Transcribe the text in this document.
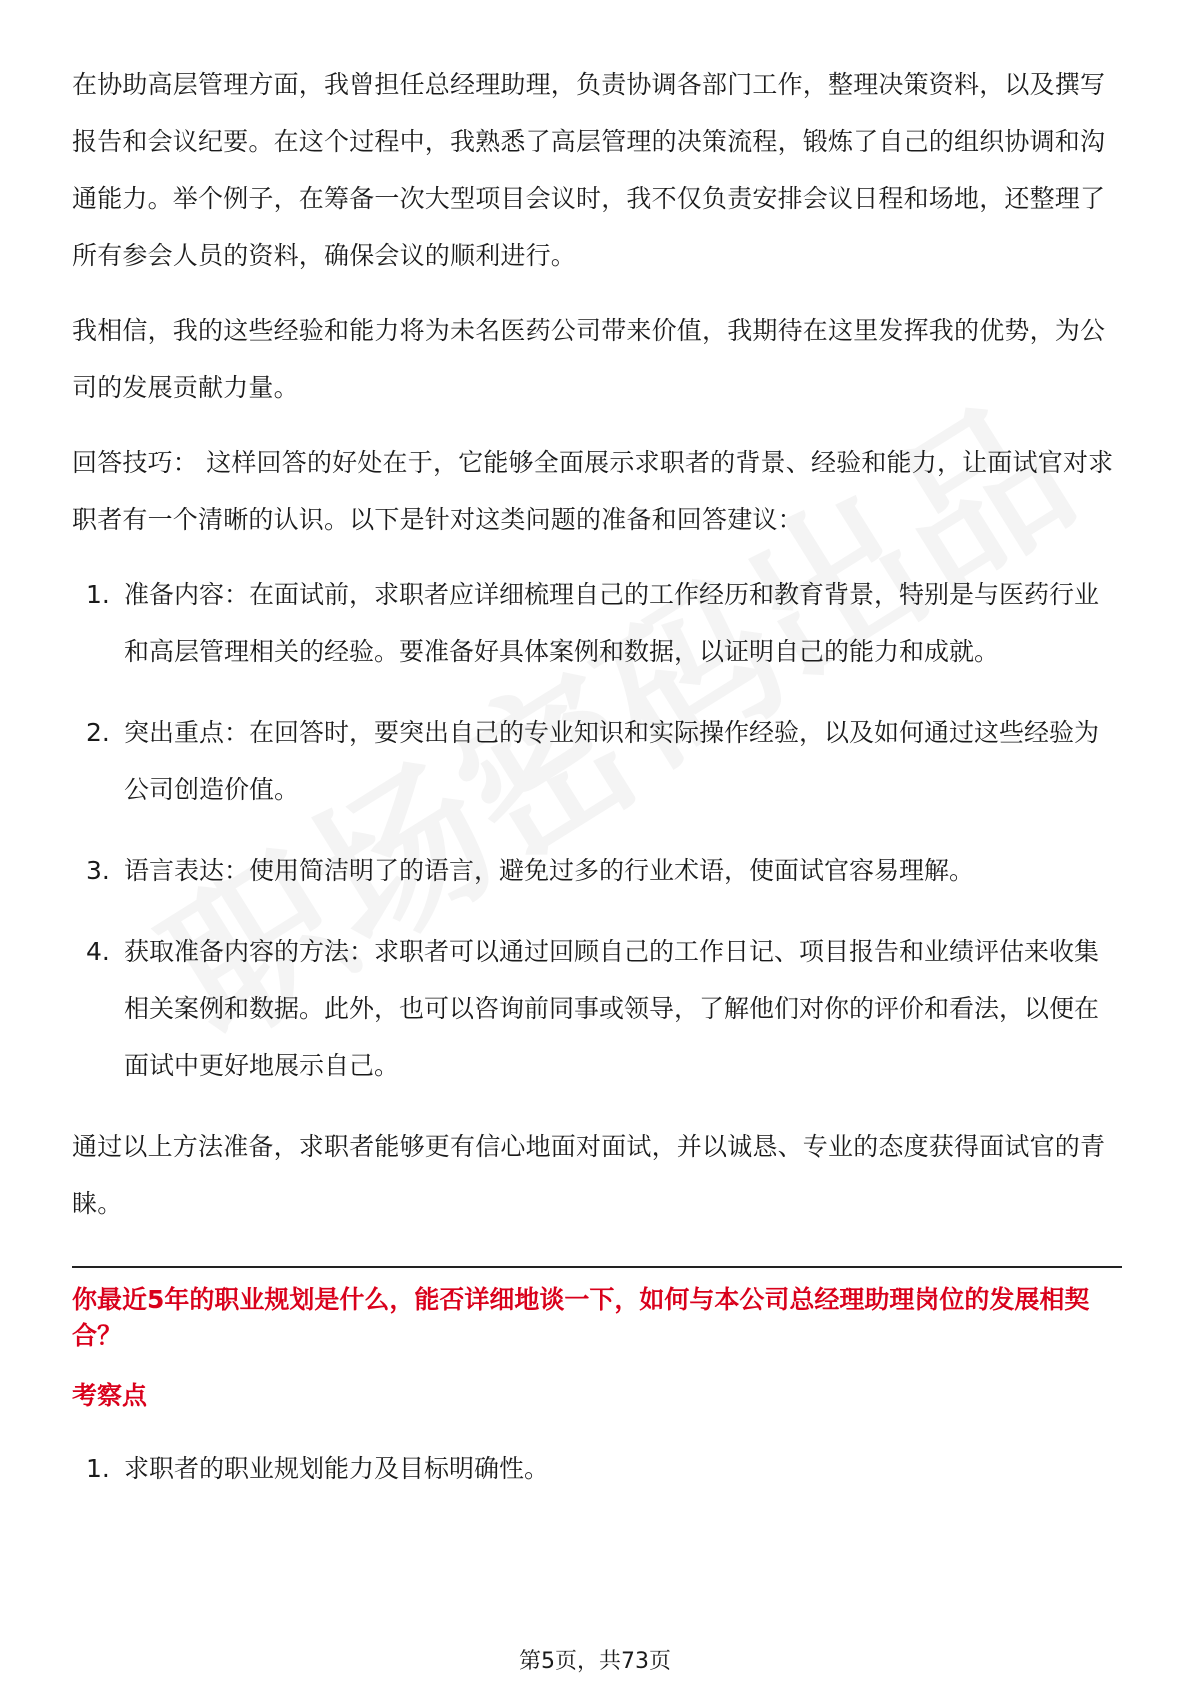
在协助高层管理方面，我曾担任总经理助理，负责协调各部门工作，整理决策资料，以及撰写报告和会议纪要。在这个过程中，我熟悉了高层管理的决策流程，锻炼了自己的组织协调和沟通能力。举个例子，在筹备一次大型项目会议时，我不仅负责安排会议日程和场地，还整理了所有参会人员的资料，确保会议的顺利进行。

我相信，我的这些经验和能力将为未名医药公司带来价值，我期待在这里发挥我的优势，为公司的发展贡献力量。

回答技巧： 这样回答的好处在于，它能够全面展示求职者的背景、经验和能力，让面试官对求职者有一个清晰的认识。以下是针对这类问题的准备和回答建议：

1. 准备内容：在面试前，求职者应详细梳理自己的工作经历和教育背景，特别是与医药行业和高层管理相关的经验。要准备好具体案例和数据，以证明自己的能力和成就。
2. 突出重点：在回答时，要突出自己的专业知识和实际操作经验，以及如何通过这些经验为公司创造价值。
3. 语言表达：使用简洁明了的语言，避免过多的行业术语，使面试官容易理解。
4. 获取准备内容的方法：求职者可以通过回顾自己的工作日记、项目报告和业绩评估来收集相关案例和数据。此外，也可以咨询前同事或领导，了解他们对你的评价和看法，以便在面试中更好地展示自己。

通过以上方法准备，求职者能够更有信心地面对面试，并以诚恳、专业的态度获得面试官的青睐。

你最近5年的职业规划是什么，能否详细地谈一下，如何与本公司总经理助理岗位的发展相契合？
考察点
1. 求职者的职业规划能力及目标明确性。
第5页，共73页
